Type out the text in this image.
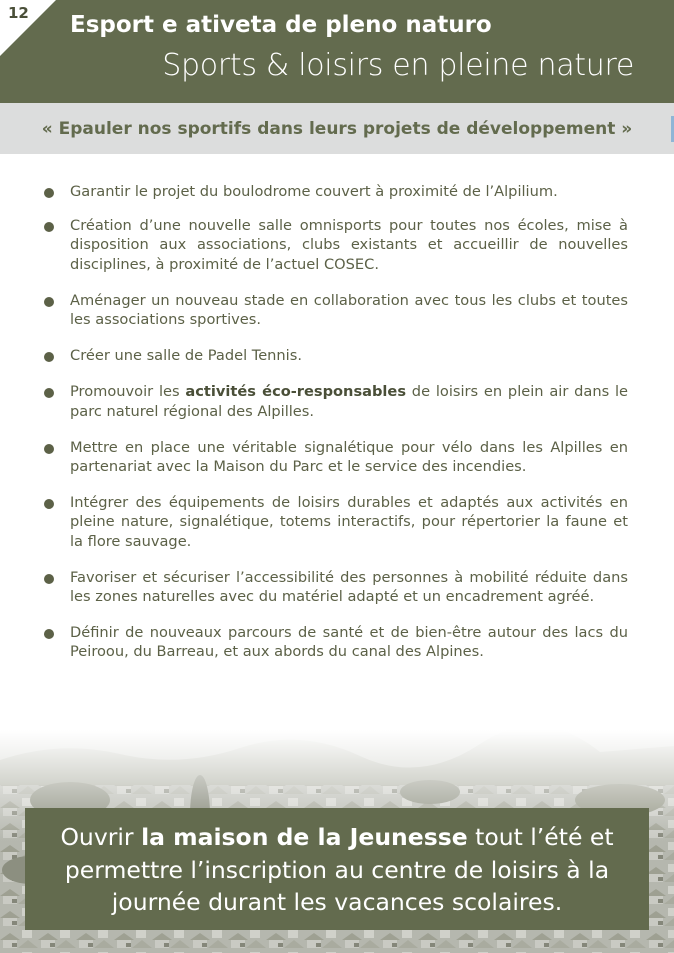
12 Esport e ativeta de pleno naturo
Sports & loisirs en pleine nature
« Epauler nos sportifs dans leurs projets de développement »
Garantir le projet du boulodrome couvert à proximité de l’Alpilium.
Création d’une nouvelle salle omnisports pour toutes nos écoles, mise à disposition aux associations, clubs existants et accueillir de nouvelles disciplines, à proximité de l’actuel COSEC.
Aménager un nouveau stade en collaboration avec tous les clubs et toutes les associations sportives.
Créer une salle de Padel Tennis.
Promouvoir les activités éco-responsables de loisirs en plein air dans le parc naturel régional des Alpilles.
Mettre en place une véritable signalétique pour vélo dans les Alpilles en partenariat avec la Maison du Parc et le service des incendies.
Intégrer des équipements de loisirs durables et adaptés aux activités en pleine nature, signalétique, totems interactifs, pour répertorier la faune et la flore sauvage.
Favoriser et sécuriser l’accessibilité des personnes à mobilité réduite dans les zones naturelles avec du matériel adapté et un encadrement agréé.
Définir de nouveaux parcours de santé et de bien-être autour des lacs du Peiroou, du Barreau, et aux abords du canal des Alpines.
Ouvrir la maison de la Jeunesse tout l’été et permettre l’inscription au centre de loisirs à la journée durant les vacances scolaires.
